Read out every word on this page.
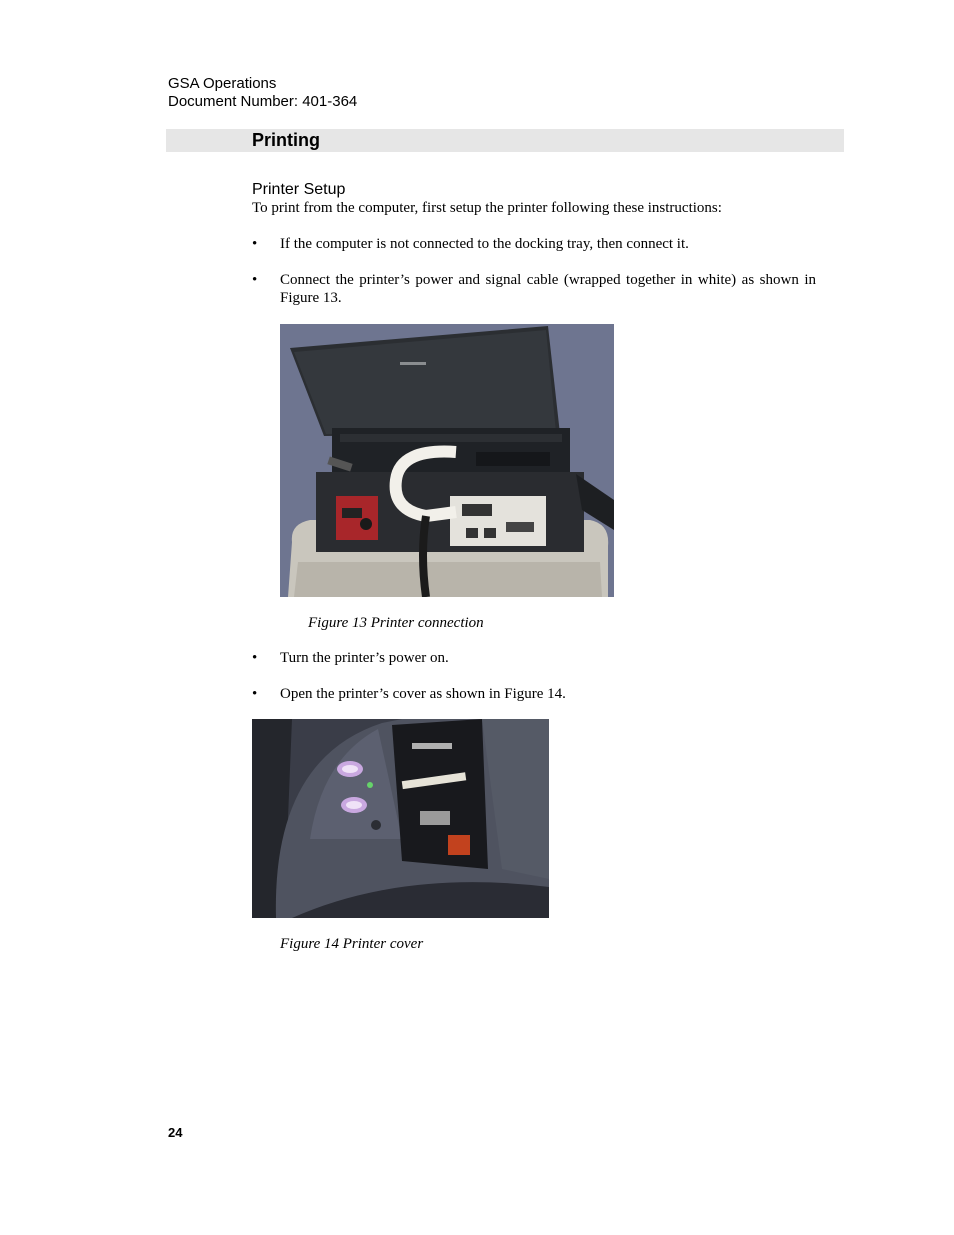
GSA Operations
Document Number: 401-364
Printing
Printer Setup
To print from the computer, first setup the printer following these instructions:
• If the computer is not connected to the docking tray, then connect it.
• Connect the printer’s power and signal cable (wrapped together in white) as shown in Figure 13.
Figure 13 Printer connection
• Turn the printer’s power on.
• Open the printer’s cover as shown in Figure 14.
Figure 14 Printer cover
24
